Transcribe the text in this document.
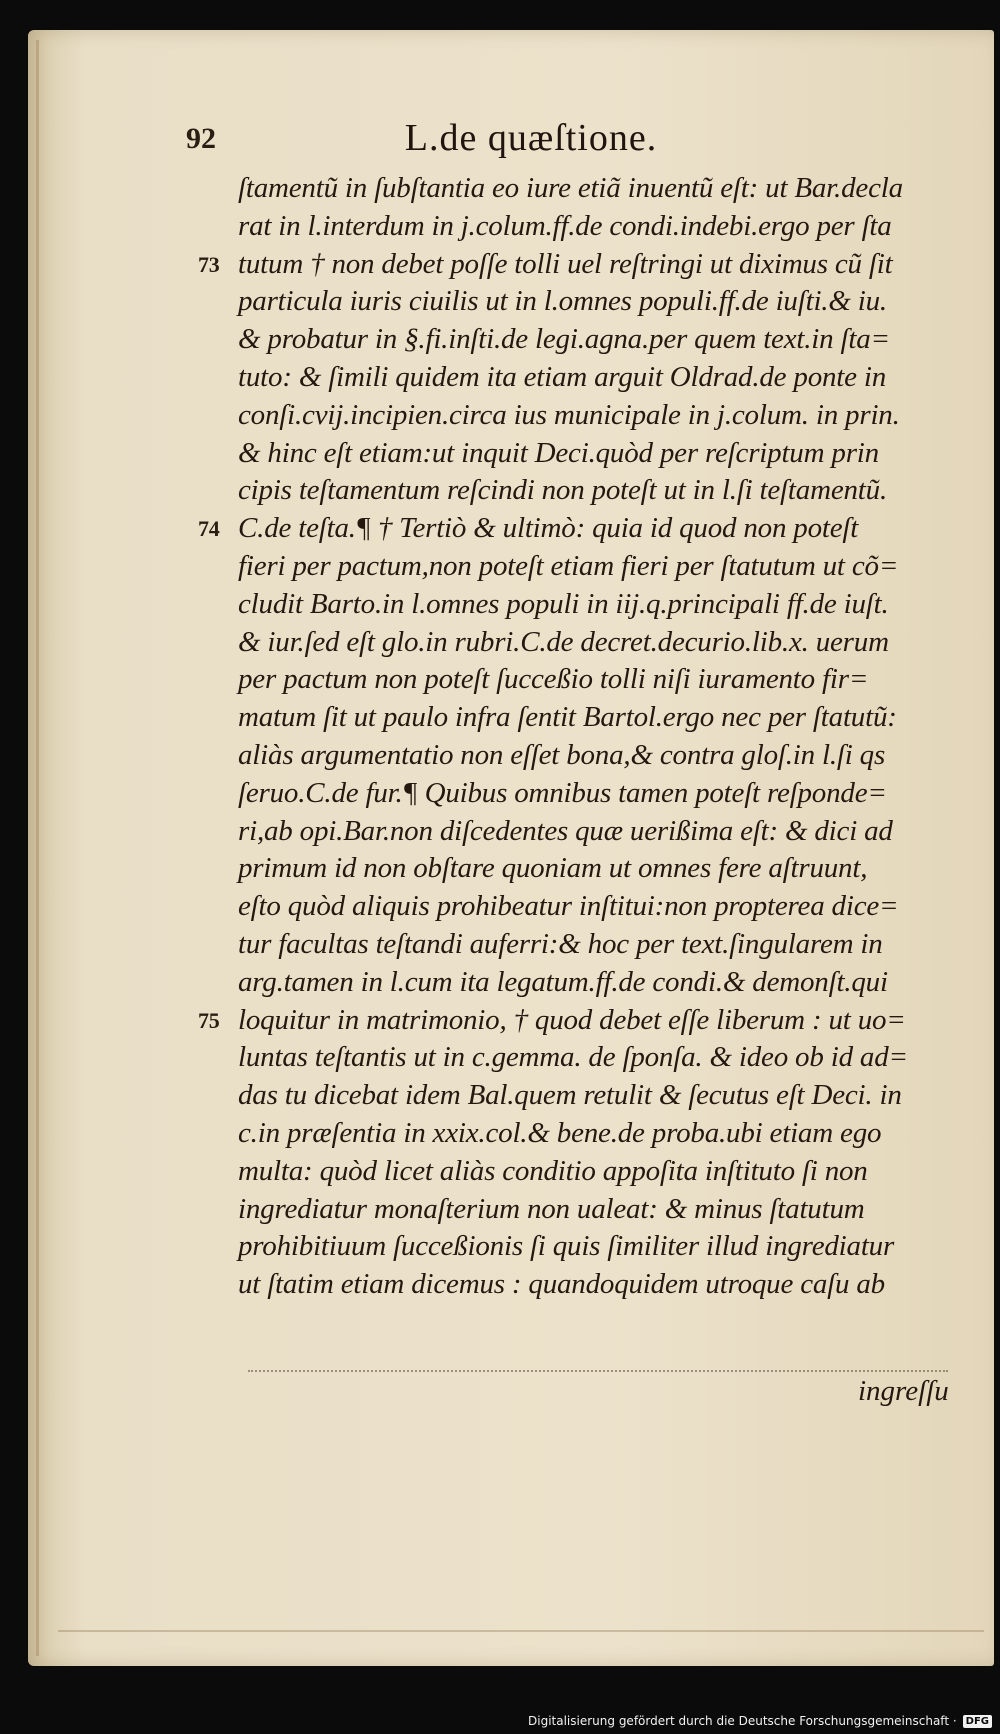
92	L.de quæſtione.
ſtamentũ in ſubſtantia eo iure etiã inuentũ eſt: ut Bar.decla
rat in l.interdum in j.colum.ff.de condi.indebi.ergo per ſta
73 tutum † non debet poſſe tolli uel reſtringi ut diximus cũ ſit
particula iuris ciuilis ut in l.omnes populi.ff.de iuſti.& iu.
& probatur in §.fi.inſti.de legi.agna.per quem text.in ſta=
tuto: & ſimili quidem ita etiam arguit Oldrad.de ponte in
conſi.cvij.incipien.circa ius municipale in j.colum. in prin.
& hinc eſt etiam:ut inquit Deci.quòd per reſcriptum prin
cipis teſtamentum reſcindi non poteſt ut in l.ſi teſtamentũ.
74 C.de teſta.¶ † Tertiò & ultimò: quia id quod non poteſt
fieri per pactum,non poteſt etiam fieri per ſtatutum ut cõ=
cludit Barto.in l.omnes populi in iij.q.principali ff.de iuſt.
& iur.ſed eſt glo.in rubri.C.de decret.decurio.lib.x. uerum
per pactum non poteſt ſucceßio tolli niſi iuramento fir=
matum ſit ut paulo infra ſentit Bartol.ergo nec per ſtatutũ:
aliàs argumentatio non eſſet bona,& contra gloſ.in l.ſi qs
ſeruo.C.de fur.¶ Quibus omnibus tamen poteſt reſponde=
ri,ab opi.Bar.non diſcedentes quæ uerißima eſt: & dici ad
primum id non obſtare quoniam ut omnes fere aſtruunt,
eſto quòd aliquis prohibeatur inſtitui:non propterea dice=
tur facultas teſtandi auferri:& hoc per text.ſingularem in
arg.tamen in l.cum ita legatum.ff.de condi.& demonſt.qui
75 loquitur in matrimonio, † quod debet eſſe liberum : ut uo=
luntas teſtantis ut in c.gemma. de ſponſa. & ideo ob id ad=
das tu dicebat idem Bal.quem retulit & ſecutus eſt Deci. in
c.in præſentia in xxix.col.& bene.de proba.ubi etiam ego
multa: quòd licet aliàs conditio appoſita inſtituto ſi non
ingrediatur monaſterium non ualeat: & minus ſtatutum
prohibitiuum ſucceßionis ſi quis ſimiliter illud ingrediatur
ut ſtatim etiam dicemus : quandoquidem utroque caſu ab
ingreſſu
Digitalisierung gefördert durch die Deutsche Forschungsgemeinschaft · DFG
